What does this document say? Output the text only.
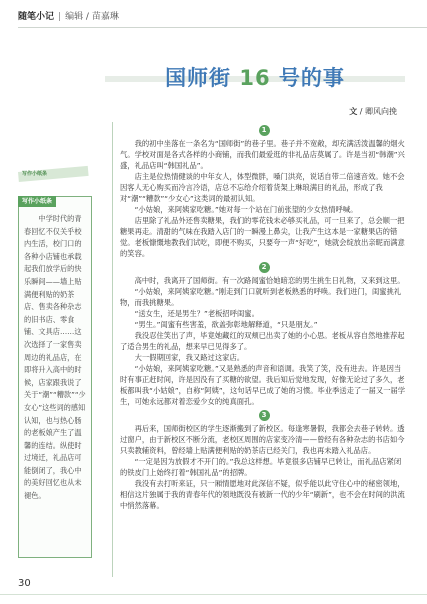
随笔小记 | 编辑 / 苗嘉琳
国师街 16 号的事
文 / 卿风向挽
写作小纸条
写作小纸条
中学时代的青春回忆不仅关乎校内生活，校门口的各种小店铺也承载起我们放学后的快乐瞬间——墙上贴满便利贴的奶茶店、售卖各种杂志的旧书店、零食铺、文具店……这次选择了一家售卖周边的礼品店，在即将升入高中的时候，店家跟我说了关于“潮”“糟款”“少女心”这些词的感知认知，也与热心肠的老板娘产生了温馨的连结。纵使时过境迁，礼品店可能倒闭了，我心中的美好回忆也从未褪色。
1

我的初中坐落在一条名为“国师街”的巷子里。巷子并不宽敞，却充满活泼温馨的烟火气。学校对面是各式各样的小商铺，而我们最爱逛的非礼品店莫属了。许是当初“韩潮”兴盛，礼品店叫“韩国礼品”。

店主是位热情健谈的中年女人，体型微胖，嗓门洪亮，说话自带二倍速音效。她不会因客人无心购买而冷言冷语，店总不忘给介绍着货架上琳琅满目的礼品，形成了我对“潮”“糟款”“少女心”这类词的最初认知。

“小姑娘，来阿姨家吃糖。”她对每一个站在门前张望的少女热情呼喊。

店里除了礼品外还售卖糖果，我们的零花钱未必够买礼品，可一旦来了，总会顺一把糖果再走。清甜的气味在我踏入店门的一瞬漫上鼻尖，让我产生这本是一家糖果店的错觉。老板慷慨地教我们试吃，即便不购买，只要夸一声“好吃”，她就会绽放出亲昵而满意的笑容。

2

高中时，我离开了国师街。有一次路闻蜜恰她暗恋的男生挑生日礼物，又来到这里。

“小姑娘，来阿姨家吃糖。”刚走到门口就听到老板熟悉的呼唤。我们进门，闺蜜挑礼物，而我挑糖果。

“送女生，还是男生？”老板招呼闺蜜。

“男生。”闺蜜有些害羞，欲盖弥彰地解释道，“只是朋友。”

我没忍住笑出了声，毕竟她藏红的双颊已出卖了她的小心思。老板从容自然地推荐起了适合男生的礼品，想来早已见得多了。

大一假期回家，我又路过这家店。

“小姑娘，来阿姨家吃糖。”又是熟悉的声音和语调。我笑了笑，没有进去。许是因当时有事正赶时间，许是因没有了买糖的欲望。我后知后觉地发现，好像无论过了多久，老板都叫我“小姑娘”，自称“阿姨”，这句话早已成了她的习惯。毕业季送走了一届又一届学生，可她永远都对着恋爱少女的纯真面孔。

3

再后来，国师街校区的学生逐渐搬到了新校区。每逢寒暑假，我都会去巷子转转。透过窗户，由于新校区不断分流，老校区周围的店家变冷清——曾经有各种杂志的书店如今只卖教辅资料，曾经墙上贴满便利贴的奶茶店已经关门，我也再未踏入礼品店。

“一定是因为放假才不开门的。”我总这样想。毕竟很多店铺早已转让，而礼品店紧闭的铁皮门上始终打着“韩国礼品”的招牌。

我没有去打听来证，只一厢情愿地对此深信不疑，似乎能以此守住心中的秘密领地，相信这片独属于我的青春年代的领地既没有被新一代的少年“刷新”，也不会在时间的洪流中悄然落幕。

30
